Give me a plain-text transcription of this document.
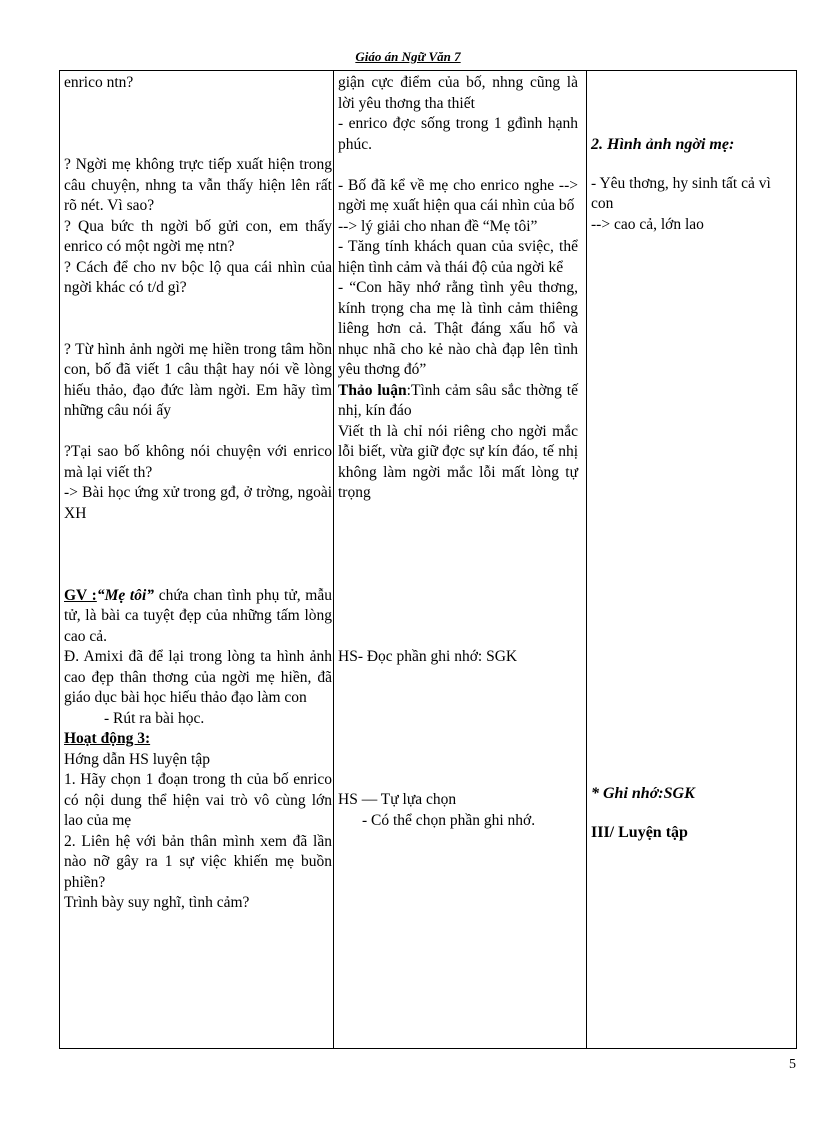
Giáo án Ngữ Văn 7

enrico ntn?

? Ngời mẹ không trực tiếp xuất hiện trong câu chuyện, nhng ta vẫn thấy hiện lên rất rõ nét. Vì sao?

? Qua bức th ngời bố gửi con, em thấy enrico có một ngời mẹ ntn?

? Cách để cho nv bộc lộ qua cái nhìn của ngời khác có t/d gì?

? Từ hình ảnh ngời mẹ hiền trong tâm hồn con, bố đã viết 1 câu thật hay nói về lòng hiếu thảo, đạo đức làm ngời. Em hãy tìm những câu nói ấy

?Tại sao bố không nói chuyện với enrico mà lại viết th?

-> Bài học ứng xử trong gđ, ở trờng, ngoài XH

GV :“Mẹ tôi” chứa chan tình phụ tử, mẫu tử, là bài ca tuyệt đẹp của những tấm lòng cao cả.

Đ. Amixi đã để lại trong lòng ta hình ảnh cao đẹp thân thơng của ngời mẹ hiền, đã giáo dục bài học hiếu thảo đạo làm con

- Rút ra bài học.

Hoạt động 3:

Hớng dẫn HS luyện tập

1. Hãy chọn 1 đoạn trong th của bố enrico có nội dung thể hiện vai trò vô cùng lớn lao của mẹ

2. Liên hệ với bản thân mình xem đã lần nào nỡ gây ra 1 sự việc khiến mẹ buồn phiền?

Trình bày suy nghĩ, tình cảm?

giận cực điểm của bố, nhng cũng là lời yêu thơng tha thiết

- enrico đợc sống trong 1 gđình hạnh phúc.

- Bố đã kể về mẹ cho enrico nghe --> ngời mẹ xuất hiện qua cái nhìn của bố

--> lý giải cho nhan đề “Mẹ tôi”

- Tăng tính khách quan của sviệc, thể hiện tình cảm và thái độ của ngời kể

- “Con hãy nhớ rằng tình yêu thơng, kính trọng cha mẹ là tình cảm thiêng liêng hơn cả. Thật đáng xấu hổ và nhục nhã cho kẻ nào chà đạp lên tình yêu thơng đó”

Thảo luận:Tình cảm sâu sắc thờng tế nhị, kín đáo

Viết th là chỉ nói riêng cho ngời mắc lỗi biết, vừa giữ đợc sự kín đáo, tế nhị không làm ngời mắc lỗi mất lòng tự trọng

HS- Đọc phần ghi nhớ: SGK

HS — Tự lựa chọn

- Có thể chọn phần ghi nhớ.

2. Hình ảnh ngời mẹ:

- Yêu thơng, hy sinh tất cả vì con

--> cao cả, lớn lao

* Ghi nhớ:SGK

III/ Luyện tập

5
